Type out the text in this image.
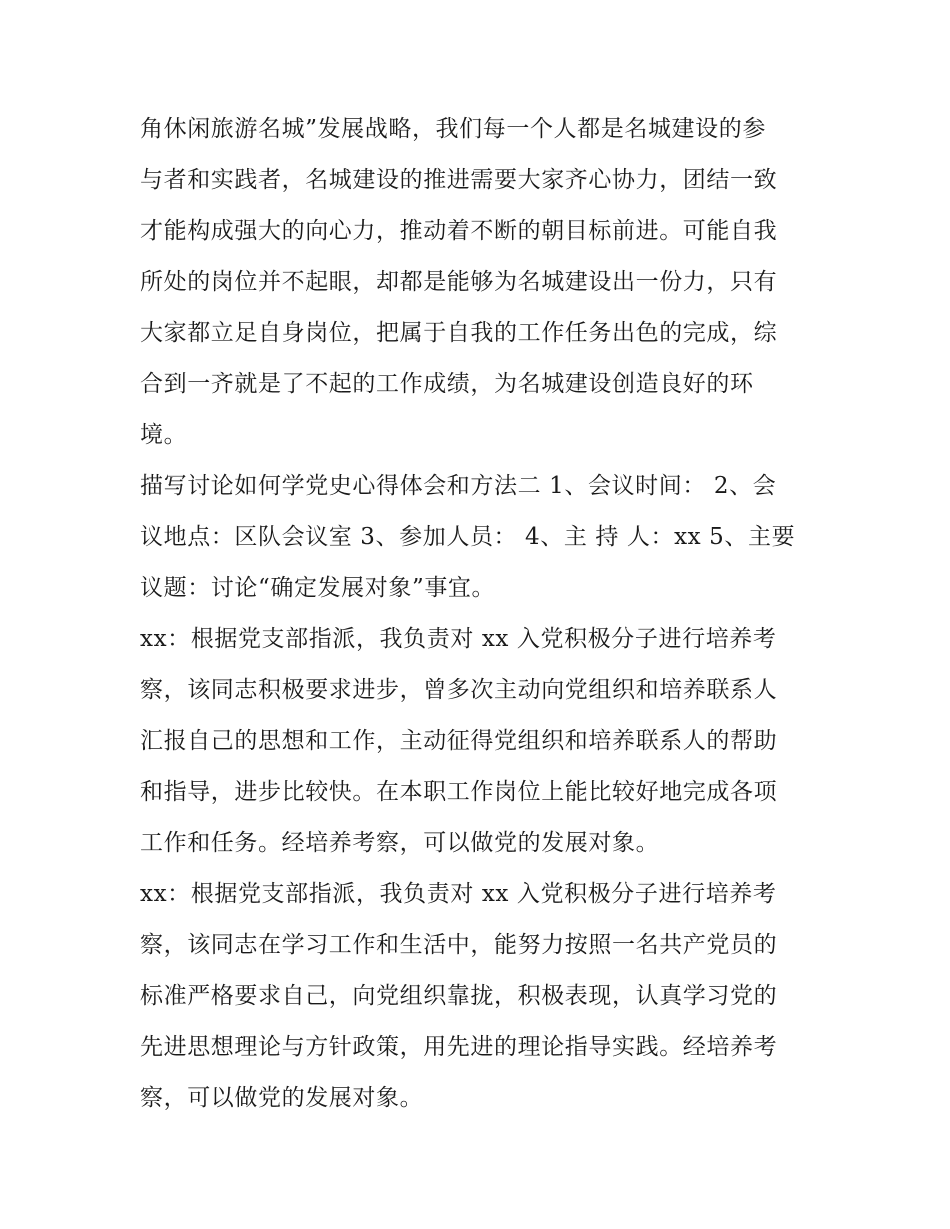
角休闲旅游名城”发展战略，我们每一个人都是名城建设的参
与者和实践者，名城建设的推进需要大家齐心协力，团结一致
才能构成强大的向心力，推动着不断的朝目标前进。可能自我
所处的岗位并不起眼，却都是能够为名城建设出一份力，只有
大家都立足自身岗位，把属于自我的工作任务出色的完成，综
合到一齐就是了不起的工作成绩，为名城建设创造良好的环
境。
描写讨论如何学党史心得体会和方法二 1、会议时间： 2、会
议地点：区队会议室 3、参加人员： 4、主 持 人：xx 5、主要
议题：讨论“确定发展对象”事宜。
xx：根据党支部指派，我负责对 xx 入党积极分子进行培养考
察，该同志积极要求进步，曾多次主动向党组织和培养联系人
汇报自己的思想和工作，主动征得党组织和培养联系人的帮助
和指导，进步比较快。在本职工作岗位上能比较好地完成各项
工作和任务。经培养考察，可以做党的发展对象。
xx：根据党支部指派，我负责对 xx 入党积极分子进行培养考
察，该同志在学习工作和生活中，能努力按照一名共产党员的
标准严格要求自己，向党组织靠拢，积极表现，认真学习党的
先进思想理论与方针政策，用先进的理论指导实践。经培养考
察，可以做党的发展对象。
